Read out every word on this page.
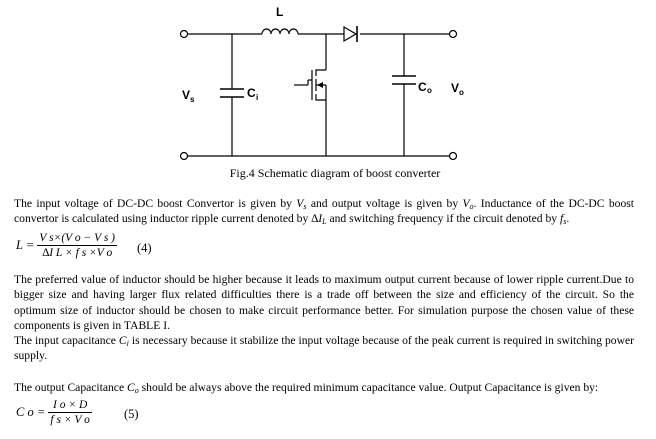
L
V s	C i
C o V o
Fig.4 Schematic diagram of boost converter

The input voltage of DC-DC boost Convertor is given by $V_s$ and output voltage is given by $V_o$. Inductance of the DC-DC boost convertor is calculated using inductor ripple current denoted by $\Delta I_L$ and switching frequency if the circuit denoted by $f_s$.

$L = \frac{\text{V s×(V o − V s )}}{\text{∆I L × f s ×V o}} (4)$

The preferred value of inductor should be higher because it leads to maximum output current because of lower ripple current.Due to bigger size and having larger flux related difficulties there is a trade off between the size and efficiency of the circuit. So the optimum size of inductor should be chosen to make circuit performance better. For simulation purpose the chosen value of these components is given in TABLE I.

The input capacitance $C_i$ is necessary because it stabilize the input voltage because of the peak current is required in switching power supply.

The output Capacitance $C_o$ should be always above the required minimum capacitance value. Output Capacitance is given by:

C $o = \frac{\text{I o × D}}{\text{f s × V o}}$	(5)
